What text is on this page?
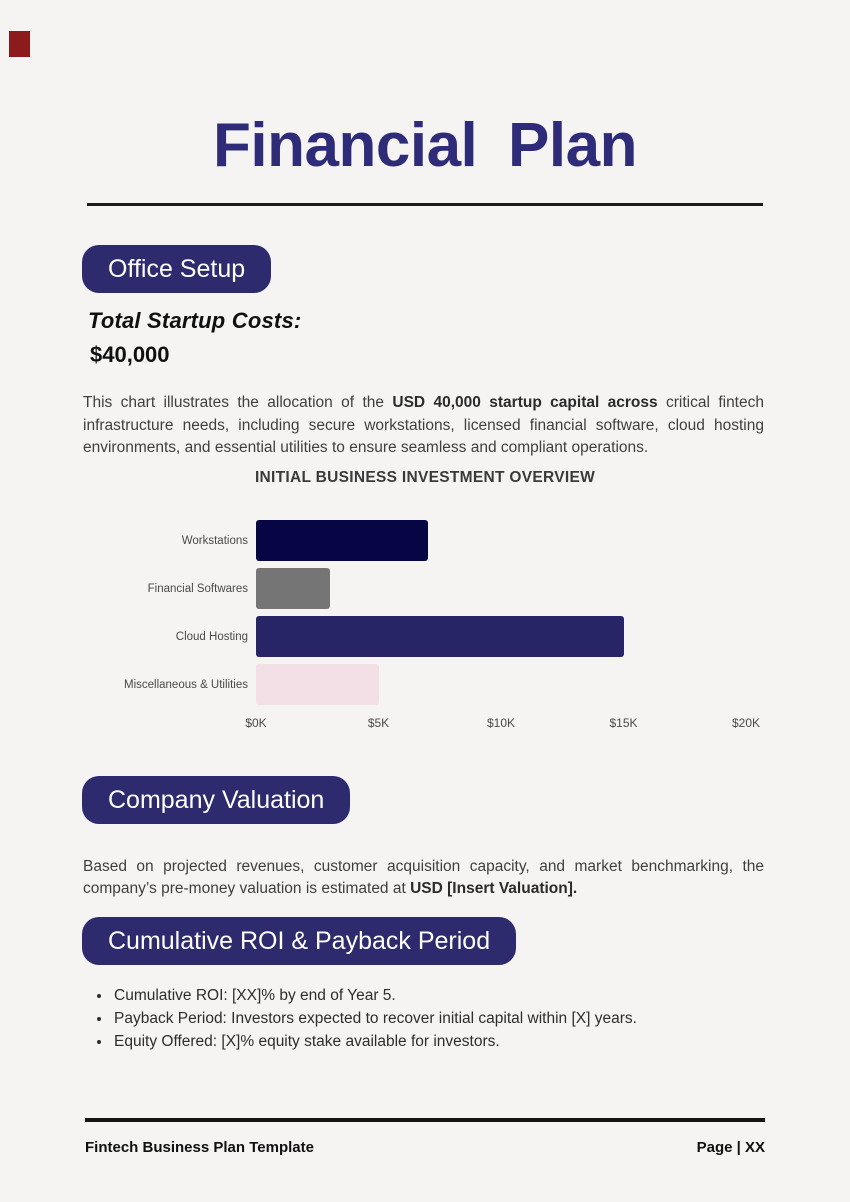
Financial Plan
Office Setup
Total Startup Costs:
$40,000

This chart illustrates the allocation of the USD 40,000 startup capital across critical fintech infrastructure needs, including secure workstations, licensed financial software, cloud hosting environments, and essential utilities to ensure seamless and compliant operations.

INITIAL BUSINESS INVESTMENT OVERVIEW
Workstations
Financial Softwares
Cloud Hosting
Miscellaneous & Utilities
$0K	$5K	$10K	$15K	$20K
Company Valuation

Based on projected revenues, customer acquisition capacity, and market benchmarking, the company’s pre-money valuation is estimated at USD [Insert Valuation].

Cumulative ROI & Payback Period
• Cumulative ROI: [XX]% by end of Year 5.
• Payback Period: Investors expected to recover initial capital within [X] years.
• Equity Offered: [X]% equity stake available for investors.
Fintech Business Plan Template	Page | XX
